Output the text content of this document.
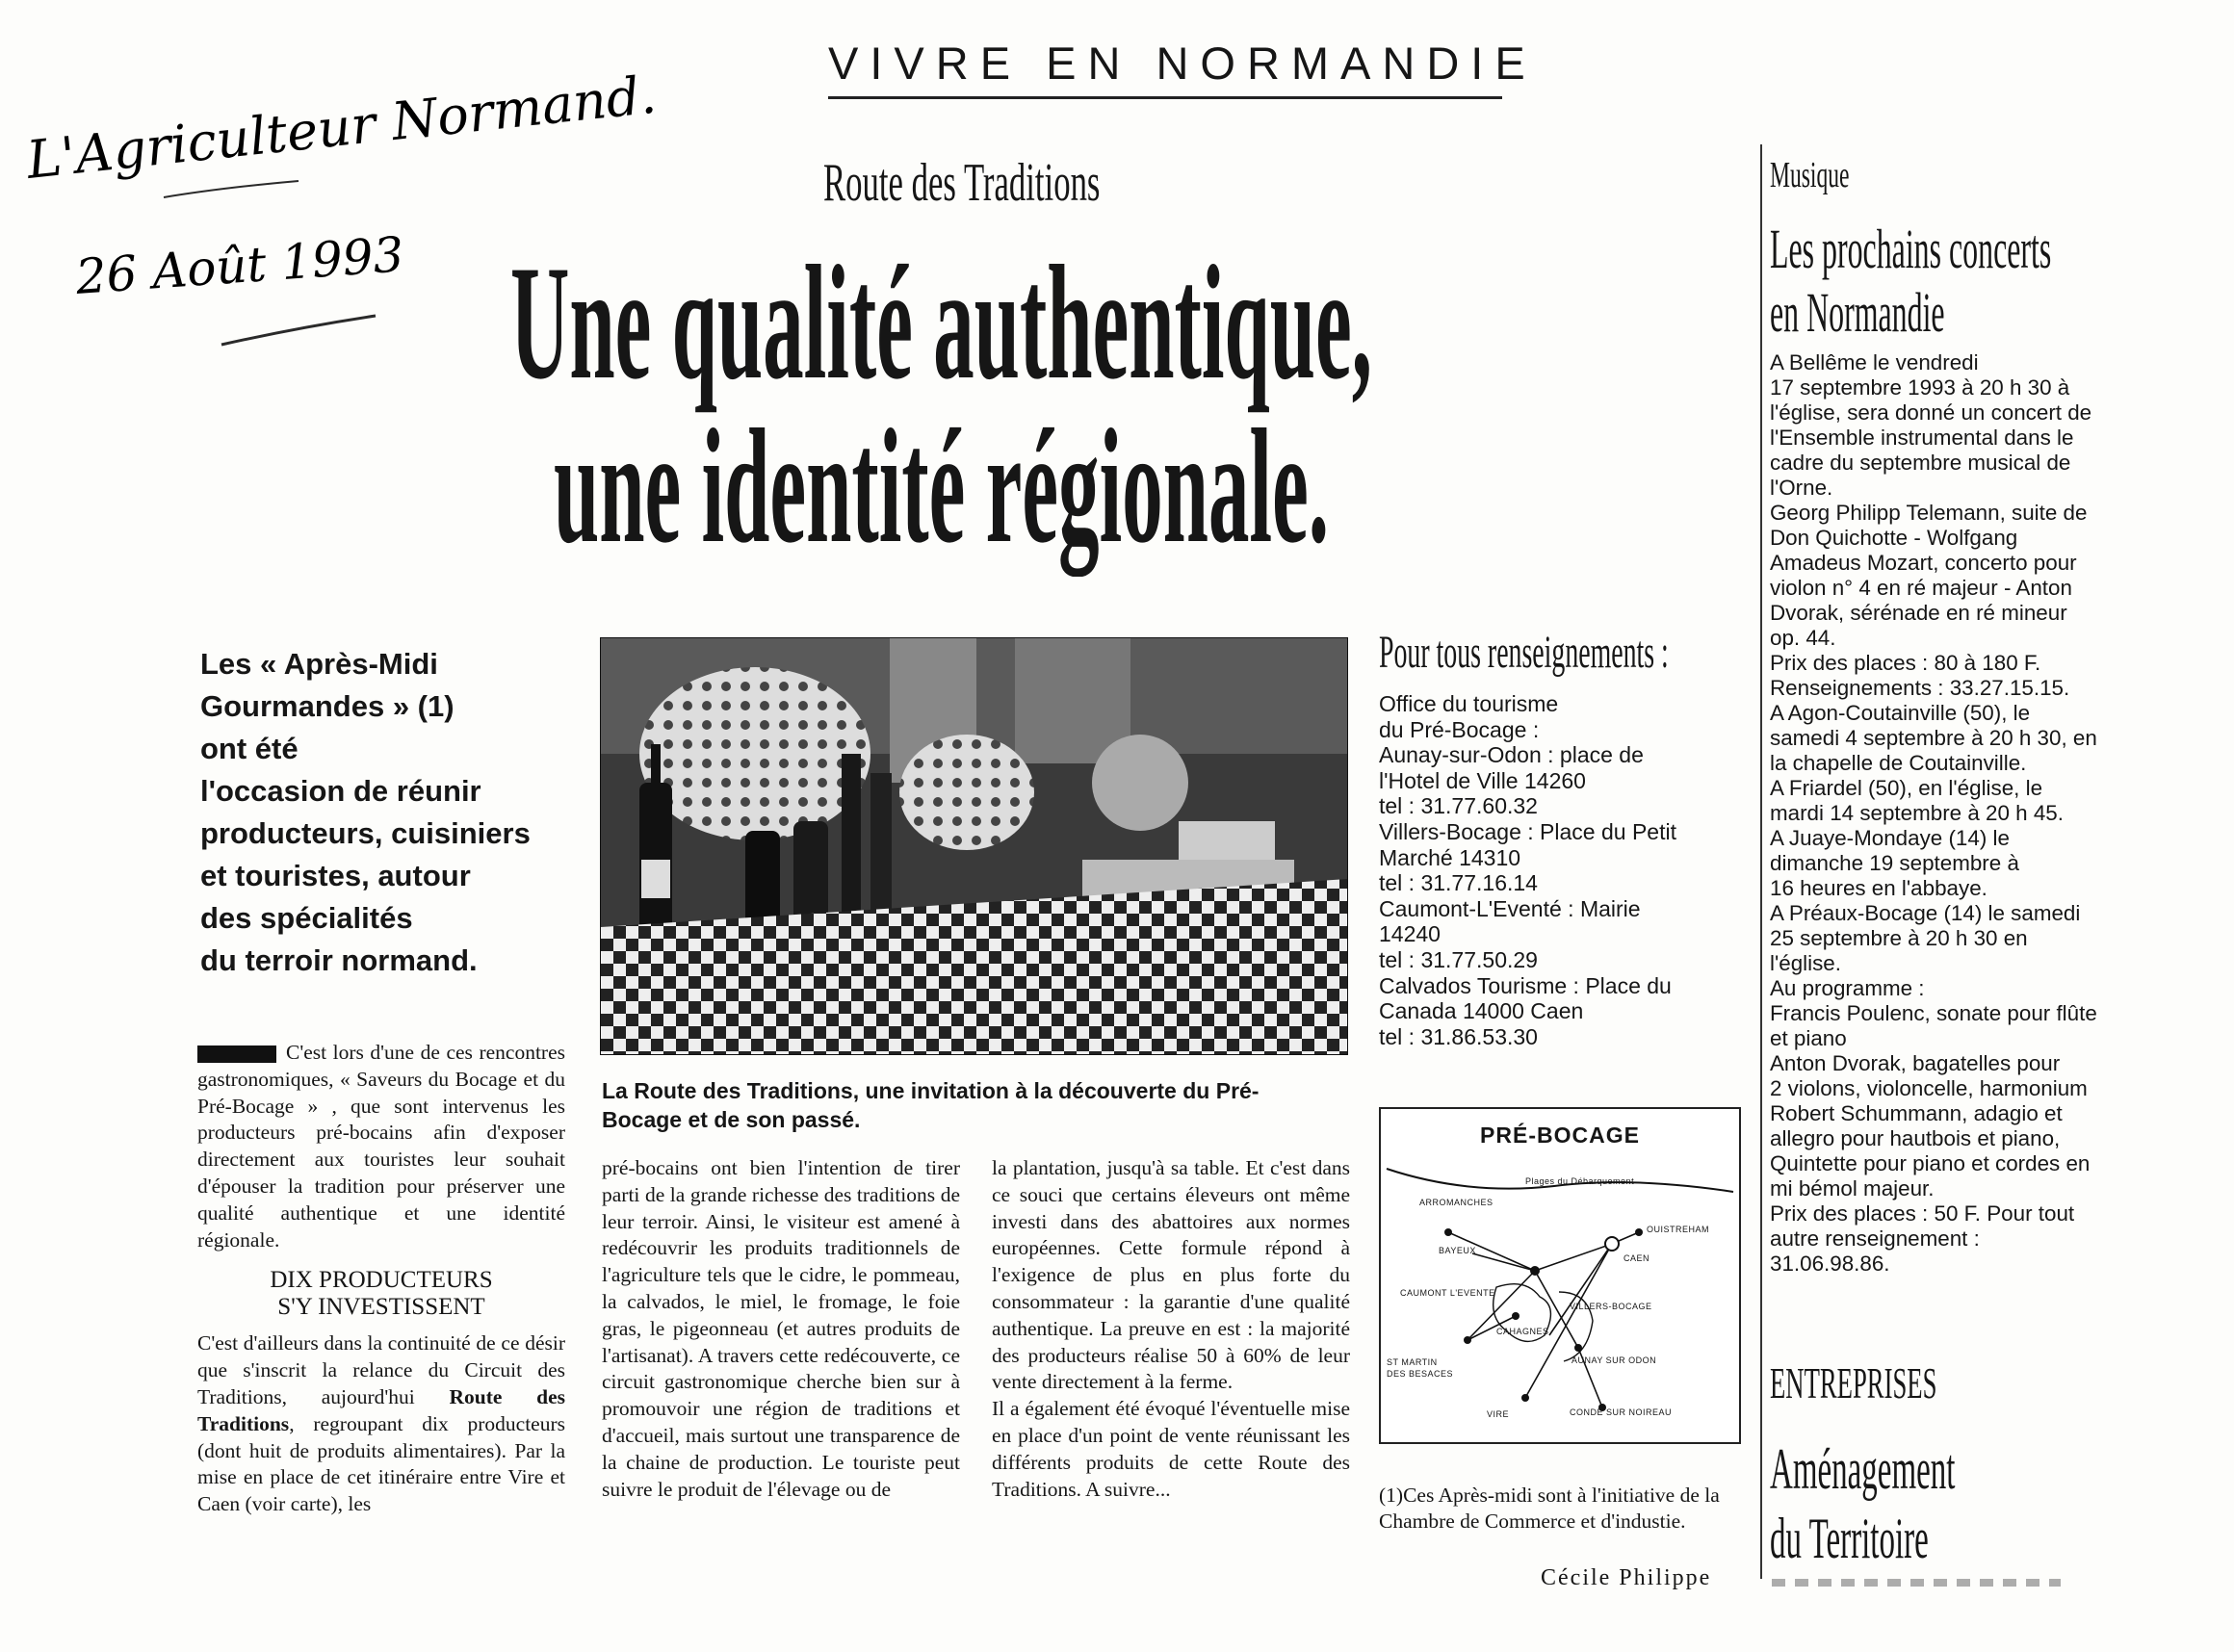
VIVRE EN NORMANDIE
L'Agriculteur Normand.
26 Août 1993
Route des Traditions
Une qualité authentique,
une identité régionale.
Les « Après-Midi
Gourmandes » (1)
ont été
l'occasion de réunir
producteurs, cuisiniers
et touristes, autour
des spécialités
du terroir normand.

C'est lors d'une de ces rencontres gastronomiques, « Saveurs du Bocage et du Pré-Bocage » , que sont intervenus les producteurs pré-bocains afin d'exposer directement aux touristes leur souhait d'épouser la tradition pour préserver une qualité authentique et une identité régionale.

DIX PRODUCTEURS
S'Y INVESTISSENT

C'est d'ailleurs dans la continuité de ce désir que s'inscrit la relance du Circuit des Traditions, aujourd'hui Route des Traditions, regroupant dix producteurs (dont huit de produits alimentaires). Par la mise en place de cet itinéraire entre Vire et Caen (voir carte), les

La Route des Traditions, une invitation à la découverte du Pré-Bocage et de son passé.

pré-bocains ont bien l'intention de tirer parti de la grande richesse des traditions de leur terroir. Ainsi, le visiteur est amené à redécouvrir les produits traditionnels de l'agriculture tels que le cidre, le pommeau, la calvados, le miel, le fromage, le foie gras, le pigeonneau (et autres produits de l'artisanat). A travers cette redécouverte, ce circuit gastronomique cherche bien sur à promouvoir une région de traditions et d'accueil, mais surtout une transparence de la chaine de production. Le touriste peut suivre le produit de l'élevage ou de

la plantation, jusqu'à sa table. Et c'est dans ce souci que certains éleveurs ont même investi dans des abattoires aux normes européennes. Cette formule répond à l'exigence de plus en plus forte du consommateur : la garantie d'une qualité authentique. La preuve en est : la majorité des producteurs réalise 50 à 60% de leur vente directement à la ferme.

Il a également été évoqué l'éventuelle mise en place d'un point de vente réunissant les différents produits de cette Route des Traditions. A suivre...

Pour tous renseignements :
Office du tourisme
du Pré-Bocage :
Aunay-sur-Odon : place de
l'Hotel de Ville 14260
tel : 31.77.60.32
Villers-Bocage : Place du Petit
Marché 14310
tel : 31.77.16.14
Caumont-L'Eventé : Mairie
14240
tel : 31.77.50.29
Calvados Tourisme : Place du
Canada 14000 Caen
tel : 31.86.53.30
PRÉ-BOCAGE
Plages du Débarquement
ARROMANCHES
OUISTREHAM
BAYEUX
CAEN
CAUMONT L'EVENTE
VILLERS-BOCAGE
CAHAGNES
ST MARTIN
DES BESACES
AUNAY SUR ODON
CONDE SUR NOIREAU
VIRE
(1)Ces Après-midi sont à l'initiative de la Chambre de Commerce et d'industie.
Cécile Philippe
Musique
Les prochains concerts
en Normandie
A Bellême le vendredi
17 septembre 1993 à 20 h 30 à
l'église, sera donné un concert de
l'Ensemble instrumental dans le
cadre du septembre musical de
l'Orne.
Georg Philipp Telemann, suite de
Don Quichotte - Wolfgang
Amadeus Mozart, concerto pour
violon n° 4 en ré majeur - Anton
Dvorak, sérénade en ré mineur
op. 44.
Prix des places : 80 à 180 F.
Renseignements : 33.27.15.15.
A Agon-Coutainville (50), le
samedi 4 septembre à 20 h 30, en
la chapelle de Coutainville.
A Friardel (50), en l'église, le
mardi 14 septembre à 20 h 45.
A Juaye-Mondaye (14) le
dimanche 19 septembre à
16 heures en l'abbaye.
A Préaux-Bocage (14) le samedi
25 septembre à 20 h 30 en
l'église.
Au programme :
Francis Poulenc, sonate pour flûte
et piano
Anton Dvorak, bagatelles pour
2 violons, violoncelle, harmonium
Robert Schummann, adagio et
allegro pour hautbois et piano,
Quintette pour piano et cordes en
mi bémol majeur.
Prix des places : 50 F. Pour tout
autre renseignement :
31.06.98.86.
ENTREPRISES
Aménagement
du Territoire
